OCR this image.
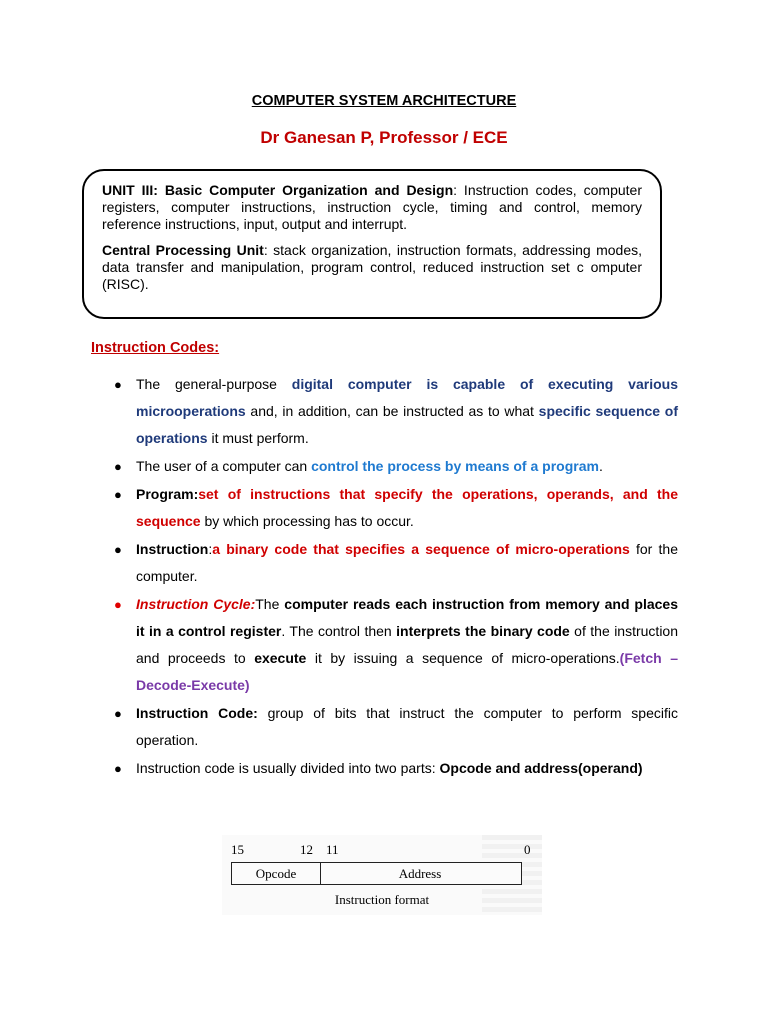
COMPUTER SYSTEM ARCHITECTURE
Dr Ganesan P, Professor / ECE

UNIT III: Basic Computer Organization and Design: Instruction codes, computer registers, computer instructions, instruction cycle, timing and control, memory reference instructions, input, output and interrupt.

Central Processing Unit: stack organization, instruction formats, addressing modes, data transfer and manipulation, program control, reduced instruction set c omputer (RISC).

Instruction Codes:
● The general-purpose digital computer is capable of executing various microoperations and, in addition, can be instructed as to what specific sequence of operations it must perform.
● The user of a computer can control the process by means of a program.
● Program:set of instructions that specify the operations, operands, and the sequence by which processing has to occur.
● Instruction:a binary code that specifies a sequence of micro-operations for the computer.
● Instruction Cycle:The computer reads each instruction from memory and places it in a control register. The control then interprets the binary code of the instruction and proceeds to execute it by issuing a sequence of micro-operations.(Fetch –Decode-Execute)
● Instruction Code: group of bits that instruct the computer to perform specific operation.
● Instruction code is usually divided into two parts: Opcode and address(operand)
15	12 11	0
Opcode	Address
Instruction format
